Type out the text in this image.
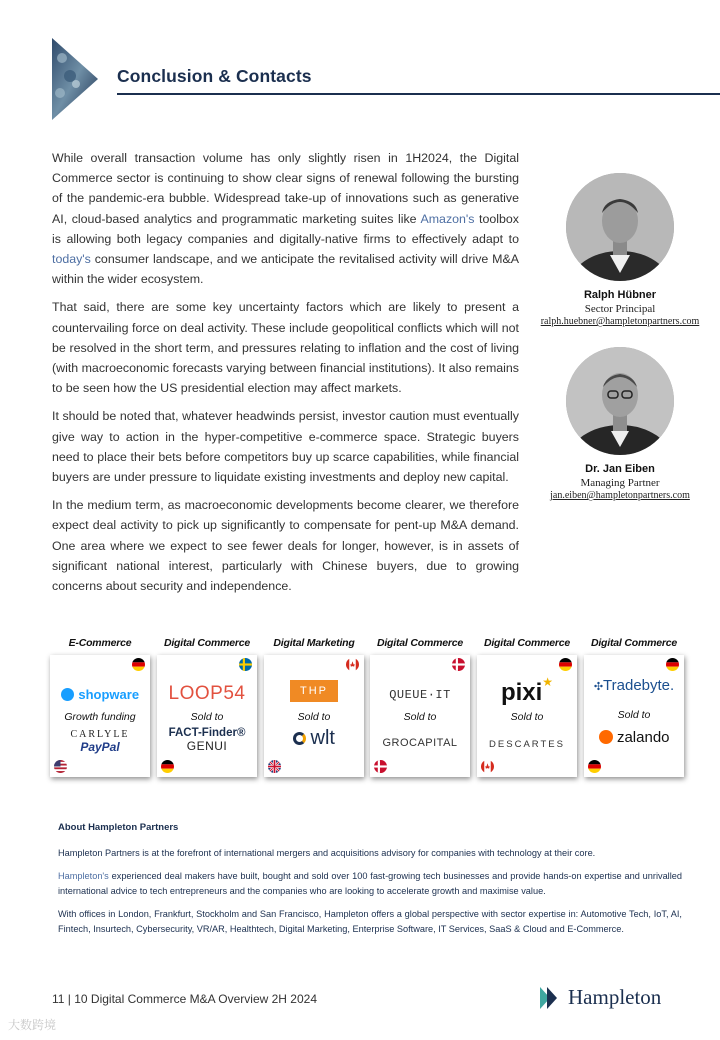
Conclusion & Contacts

While overall transaction volume has only slightly risen in 1H2024, the Digital Commerce sector is continuing to show clear signs of renewal following the bursting of the pandemic-era bubble. Widespread take-up of innovations such as generative AI, cloud-based analytics and programmatic marketing suites like Amazon's toolbox is allowing both legacy companies and digitally-native firms to effectively adapt to today's consumer landscape, and we anticipate the revitalised activity will drive M&A within the wider ecosystem.

That said, there are some key uncertainty factors which are likely to present a countervailing force on deal activity. These include geopolitical conflicts which will not be resolved in the short term, and pressures relating to inflation and the cost of living (with macroeconomic forecasts varying between financial institutions). It also remains to be seen how the US presidential election may affect markets.

It should be noted that, whatever headwinds persist, investor caution must eventually give way to action in the hyper-competitive e-commerce space. Strategic buyers need to place their bets before competitors buy up scarce capabilities, while financial buyers are under pressure to liquidate existing investments and deploy new capital.

In the medium term, as macroeconomic developments become clearer, we therefore expect deal activity to pick up significantly to compensate for pent-up M&A demand. One area where we expect to see fewer deals for longer, however, is in assets of significant national interest, particularly with Chinese buyers, due to growing concerns about security and independence.

Ralph Hübner
Sector Principal
ralph.huebner@hampletonpartners.com
Dr. Jan Eiben
Managing Partner
jan.eiben@hampletonpartners.com
E-Commerce
shopware
Growth funding
CARLYLE
PayPal
Digital Commerce
LOOP54
Sold to
FACT-Finder®
GENUI
Digital Marketing
THP
Sold to
wlt
Digital Commerce
QUEUE·IT
Sold to
GROCAPITAL
Digital Commerce
pixi★
Sold to
DESCARTES
Digital Commerce
✣Tradebyte.
Sold to
zalando
About Hampleton Partners

Hampleton Partners is at the forefront of international mergers and acquisitions advisory for companies with technology at their core.

Hampleton's experienced deal makers have built, bought and sold over 100 fast-growing tech businesses and provide hands-on expertise and unrivalled international advice to tech entrepreneurs and the companies who are looking to accelerate growth and maximise value.

With offices in London, Frankfurt, Stockholm and San Francisco, Hampleton offers a global perspective with sector expertise in: Automotive Tech, IoT, AI, Fintech, Insurtech, Cybersecurity, VR/AR, Healthtech, Digital Marketing, Enterprise Software, IT Services, SaaS & Cloud and E-Commerce.

11 | 10 Digital Commerce M&A Overview 2H 2024	Hampleton
大数跨境
